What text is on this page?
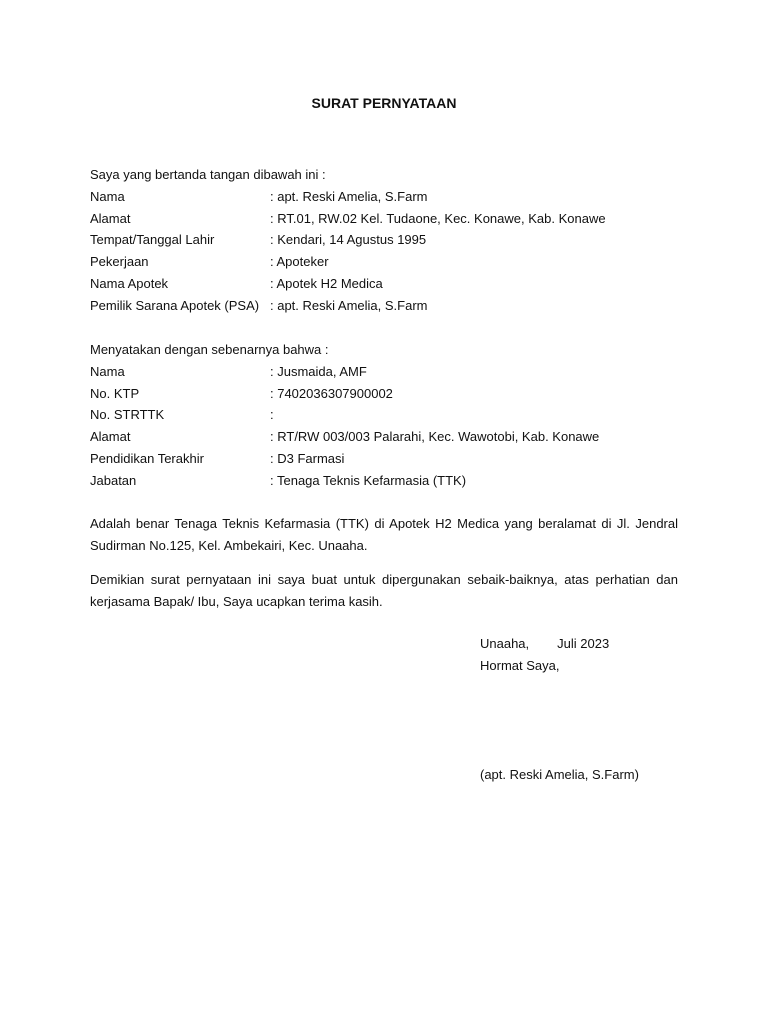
SURAT PERNYATAAN
Saya yang bertanda tangan dibawah ini :
Nama	: apt. Reski Amelia, S.Farm
Alamat	: RT.01, RW.02 Kel. Tudaone, Kec. Konawe, Kab. Konawe
Tempat/Tanggal Lahir	: Kendari, 14 Agustus 1995
Pekerjaan	: Apoteker
Nama Apotek	: Apotek H2 Medica
Pemilik Sarana Apotek (PSA) : apt. Reski Amelia, S.Farm
Menyatakan dengan sebenarnya bahwa :
Nama	: Jusmaida, AMF
No. KTP	: 7402036307900002
No. STRTTK	:
Alamat	: RT/RW 003/003 Palarahi, Kec. Wawotobi, Kab. Konawe
Pendidikan Terakhir	: D3 Farmasi
Jabatan	: Tenaga Teknis Kefarmasia (TTK)
Adalah benar Tenaga Teknis Kefarmasia (TTK) di Apotek H2 Medica yang beralamat di Jl. Jendral Sudirman No.125, Kel. Ambekairi, Kec. Unaaha.
Demikian surat pernyataan ini saya buat untuk dipergunakan sebaik-baiknya, atas perhatian dan kerjasama Bapak/ Ibu, Saya ucapkan terima kasih.
Unaaha, Juli 2023
Hormat Saya,
(apt. Reski Amelia, S.Farm)
